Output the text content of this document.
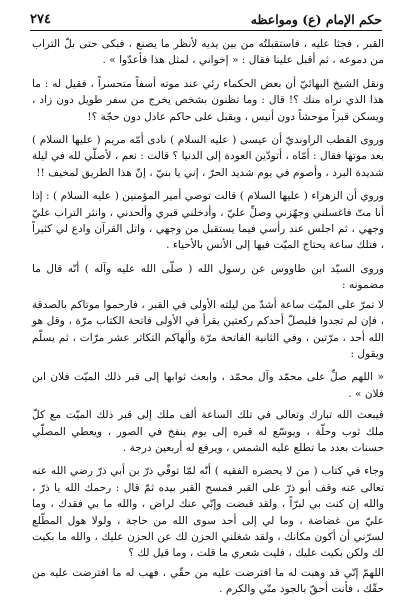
حكم الإمام (ع) ومواعظه
٢٧٤

القبر ، فجثا عليه ، فاستقبلتُه من بين يديه لأنظر ما يصنع ، فبكى حتى بلّ التراب من دموعه ، ثم أقبل علينا فقال : « إخواني ، لمثل هذا فأعدّوا » .

ونقل الشيخ البهائيّ أن بعض الحكماء رئي عند موته أسفاً متحسراً ، فقيل له : ما هذا الذي نراه منك ؟! قال : وما تظنون بشخص يخرج من سفر طويل دون زاد ، ويسكن قبراً موحشاً دون أنيس ، ويقبل على حاكم عادل دون حجّة ؟!

وروى القطب الراونديّ أن عيسى ( عليه السلام ) نادى أمّه مريم ( عليها السلام ) بعد موتها فقال : أمّاه ، أتودّين العودة إلى الدنيا ؟ قالت : نعم ، لأصلّي لله في ليلة شديدة البرد ، وأصوم في يوم شديد الحرّ ، إني يا بنيّ ، إنّ هذا الطريق لمخيف !!

وروي أن الزهراء ( عليها السلام ) قالت توصي أمير المؤمنين ( عليه السلام ) : إذا أنا متّ فاغسلني وجهّزني وصلِّ عليّ ، وأدخلني قبري وألحدني ، وانثر التراب عليّ وجهي ، ثم اجلس عند رأسي فيما يستقبل من وجهي ، واتل القرآن وادع لي كثيراً ، فتلك ساعة يحتاج الميّت فيها إلى الأنس بالأحياء .

وروى السيّد ابن طاووس عن رسول الله ( صلّى الله عليه وآله ) أنّه قال ما مضمونه :

لا تمرّ على الميّت ساعة أشدّ من ليلته الأولى في القبر ، فارحموا موتاكم بالصدقة ، فإن لم تجدوا فليصلّ أحدكم ركعتين يقرأ في الأولى فاتحة الكتاب مرّة ، وقل هو الله أحد ، مرّتين ، وفي الثانية الفاتحة مرّة وألهاكم التكاثر عشر مرّات ، ثم يسلّم ويقول :

« اللهم صلِّ على محمّد وآل محمّد ، وابعث ثوابها إلى قبر ذلك الميّت فلان ابن فلان » .

فيبعث الله تبارك وتعالى في تلك الساعة ألف ملك إلى قبر ذلك الميّت مع كلّ ملك ثوب وحلّة ، ويوسّع له قبره إلى يوم ينفخ في الصور ، ويعطي المصلّي حسنات بعدد ما تطلع عليه الشمس ، ويرفع له أربعين درجة .

وجاء في كتاب ( من لا يحضره الفقيه ) أنّه لمّا توفّي ذرّ بن أبي ذرّ رضي الله عنه تعالى عنه وقف أبو ذرّ على القبر فمسح القبر بيده ثمّ قال : رحمك الله يا ذرّ ، والله إن كنت بي لبرّاً ، ولقد قبضت وإنّي عنك لراض ، والله ما بي فقدك ، وما عليّ من غضاضة ، وما لي إلى أحد سوى الله من حاجة ، ولولا هول المطّلع لسرّني أن أكون مكانك ، ولقد شغلني الحزن لك عن الحزن عليك ، والله ما بكيت لك ولكن بكيت عليك ، فليت شعري ما قلت ، وما قيل لك ؟

اللهمّ إنّي قد وهبت له ما افترضت عليه من حقّي ، فهب له ما افترضت عليه من حقّك ، فأنت أحقّ بالجود منّي والكرم .
